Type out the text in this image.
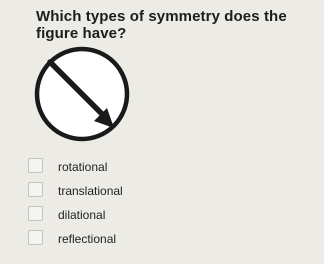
Which types of symmetry does the figure have?
rotational
translational
dilational
reflectional
